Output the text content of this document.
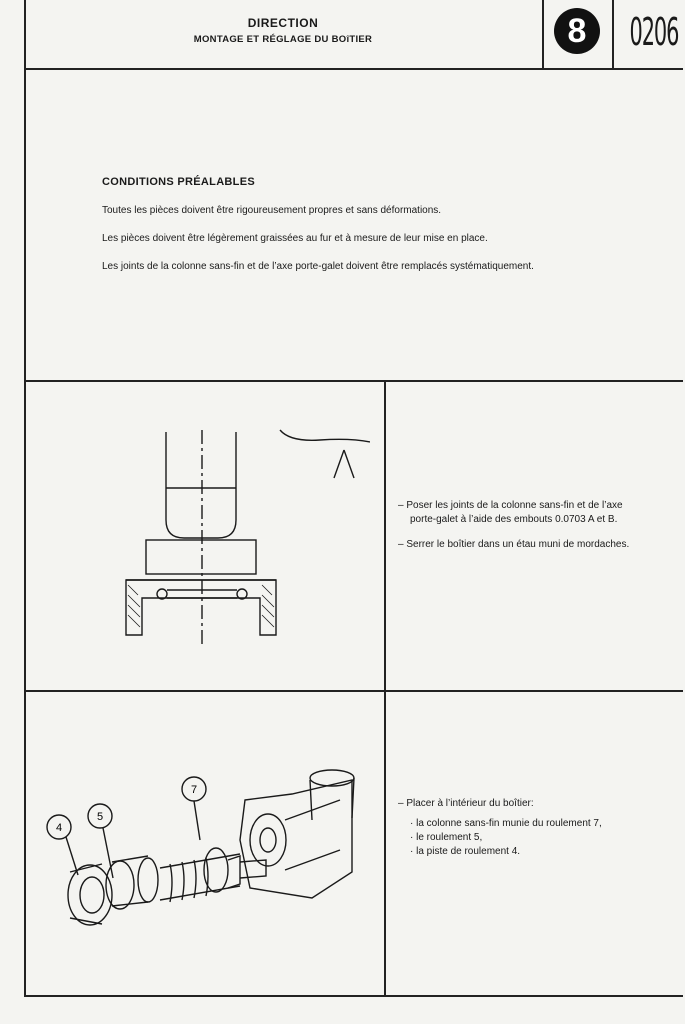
DIRECTION
MONTAGE ET RÉGLAGE DU BOîTIER	8	0206
CONDITIONS PRÉALABLES
Toutes les pièces doivent être rigoureusement propres et sans déformations.
Les pièces doivent être légèrement graissées au fur et à mesure de leur mise en place.
Les joints de la colonne sans-fin et de l’axe porte-galet doivent être remplacés systématiquement.
– Poser les joints de la colonne sans-fin et de l’axe
porte-galet à l’aide des embouts 0.0703 A et B.
– Serrer le boîtier dans un étau muni de mordaches.
4
5
7
– Placer à l’intérieur du boîtier:
· la colonne sans-fin munie du roulement 7,
· le roulement 5,
· la piste de roulement 4.
